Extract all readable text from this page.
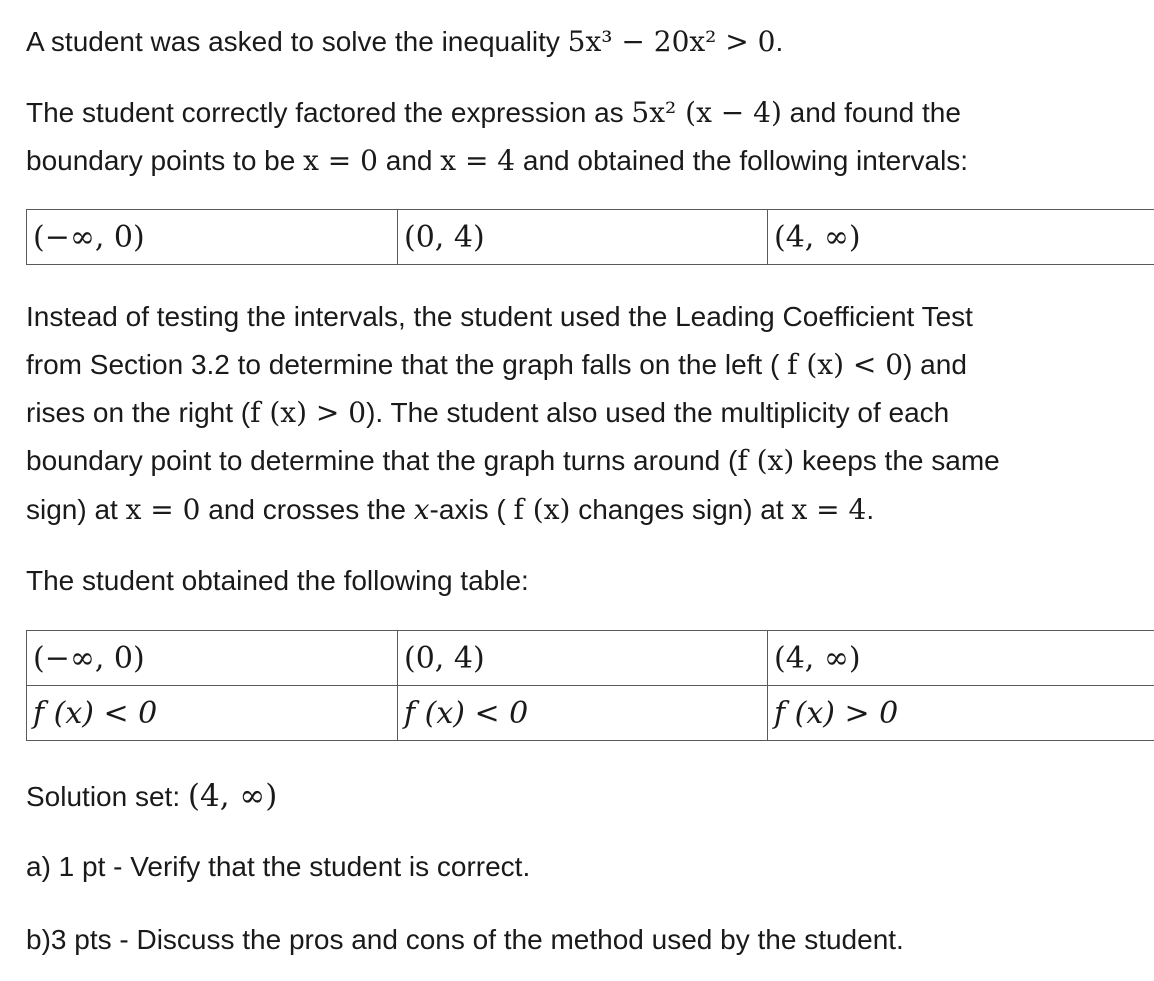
A student was asked to solve the inequality 5x³ − 20x² > 0.

The student correctly factored the expression as 5x² (x − 4) and found the

boundary points to be x = 0 and x = 4 and obtained the following intervals:

(−∞, 0)	(0, 4)	(4, ∞)

Instead of testing the intervals, the student used the Leading Coefficient Test

from Section 3.2 to determine that the graph falls on the left ( f (x) < 0) and

rises on the right (f (x) > 0). The student also used the multiplicity of each

boundary point to determine that the graph turns around (f (x) keeps the same

sign) at x = 0 and crosses the x-axis ( f (x) changes sign) at x = 4.

The student obtained the following table:

(−∞, 0)	(0, 4)	(4, ∞)
f (x) < 0	f (x) < 0	f (x) > 0

Solution set: (4, ∞)

a) 1 pt - Verify that the student is correct.

b)3 pts - Discuss the pros and cons of the method used by the student.
